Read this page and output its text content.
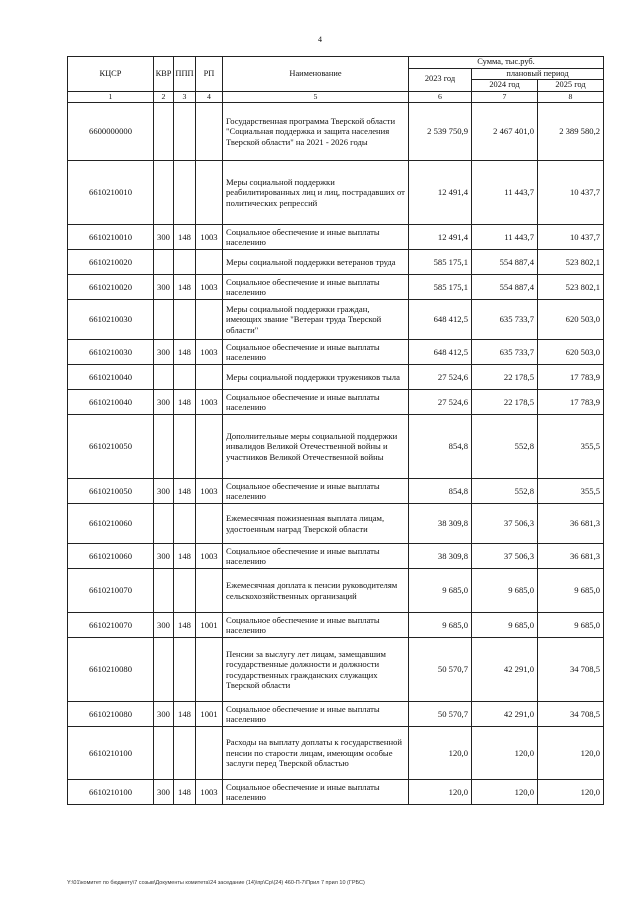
4
КЦСР	КВР	ППП	РП	Наименование	Сумма, тыс.руб.		
					2023 год	плановый период	
						2024 год	2025 год
1	2	3	4	5	6	7	8
6600000000				Государственная программа Тверской области "Социальная поддержка и защита населения Тверской области" на 2021 - 2026 годы	2 539 750,9	2 467 401,0	2 389 580,2
6610210010				Меры социальной поддержки реабилитированных лиц и лиц, пострадавших от политических репрессий	12 491,4	11 443,7	10 437,7
6610210010	300	148	1003	Социальное обеспечение и иные выплаты населению	12 491,4	11 443,7	10 437,7
6610210020				Меры социальной поддержки ветеранов труда	585 175,1	554 887,4	523 802,1
6610210020	300	148	1003	Социальное обеспечение и иные выплаты населению	585 175,1	554 887,4	523 802,1
6610210030				Меры социальной поддержки граждан, имеющих звание "Ветеран труда Тверской области"	648 412,5	635 733,7	620 503,0
6610210030	300	148	1003	Социальное обеспечение и иные выплаты населению	648 412,5	635 733,7	620 503,0
6610210040				Меры социальной поддержки тружеников тыла	27 524,6	22 178,5	17 783,9
6610210040	300	148	1003	Социальное обеспечение и иные выплаты населению	27 524,6	22 178,5	17 783,9
6610210050				Дополнительные меры социальной поддержки инвалидов Великой Отечественной войны и участников Великой Отечественной войны	854,8	552,8	355,5
6610210050	300	148	1003	Социальное обеспечение и иные выплаты населению	854,8	552,8	355,5
6610210060				Ежемесячная пожизненная выплата лицам, удостоенным наград Тверской области	38 309,8	37 506,3	36 681,3
6610210060	300	148	1003	Социальное обеспечение и иные выплаты населению	38 309,8	37 506,3	36 681,3
6610210070				Ежемесячная доплата к пенсии руководителям сельскохозяйственных организаций	9 685,0	9 685,0	9 685,0
6610210070	300	148	1001	Социальное обеспечение и иные выплаты населению	9 685,0	9 685,0	9 685,0
6610210080				Пенсии за выслугу лет лицам, замещавшим государственные должности и должности государственных гражданских служащих Тверской области	50 570,7	42 291,0	34 708,5
6610210080	300	148	1001	Социальное обеспечение и иные выплаты населению	50 570,7	42 291,0	34 708,5
6610210100				Расходы на выплату доплаты к государственной пенсии по старости лицам, имеющим особые заслуги перед Тверской областью	120,0	120,0	120,0
6610210100	300	148	1003	Социальное обеспечение и иные выплаты населению	120,0	120,0	120,0
Y:\01\комитет по бюджету\7 созыв\Документы комитета\24 заседание (14)\пр\Ср\(24) 460-П-7\Прил 7 прил 10 (ГРБС)
